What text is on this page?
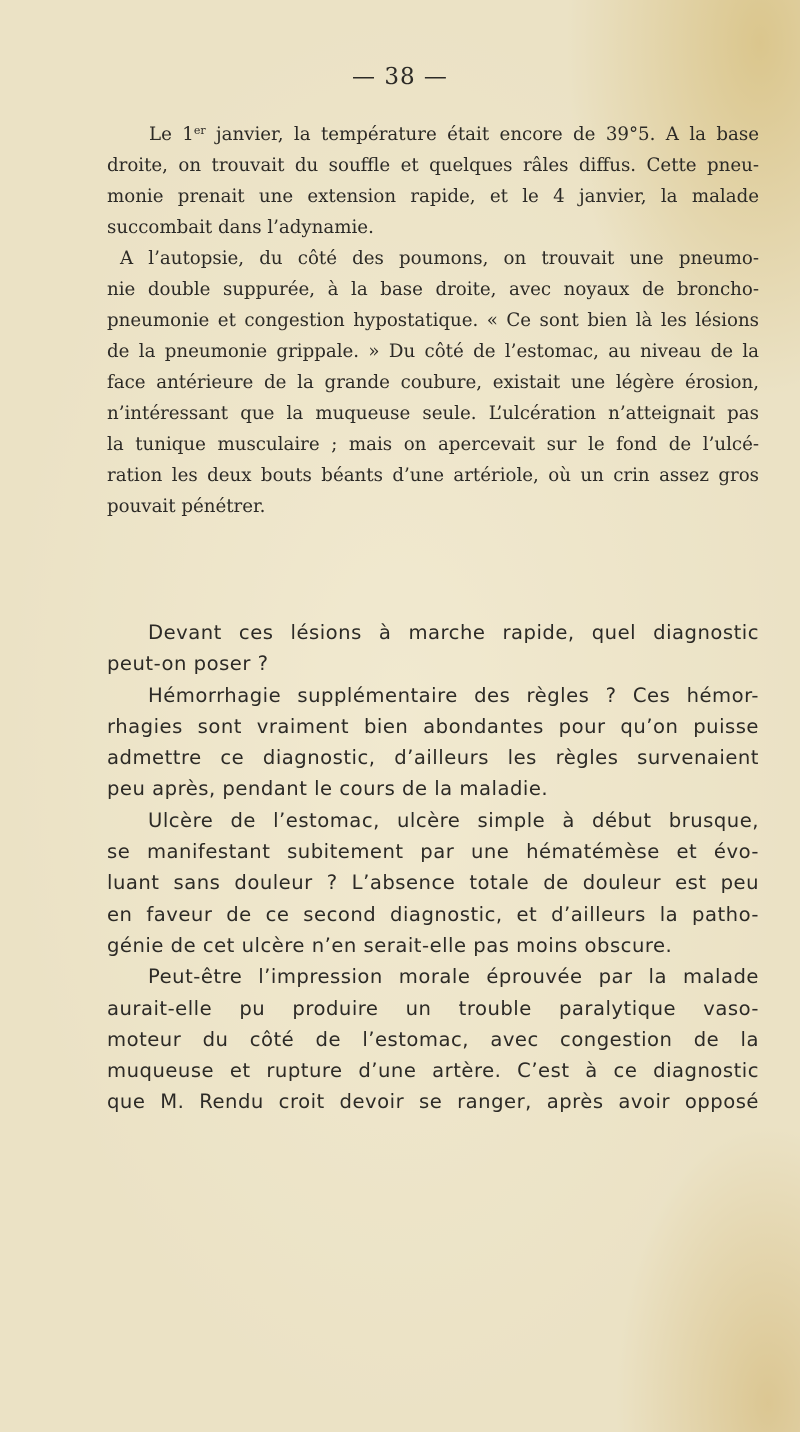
— 38 —
Le 1er janvier, la température était encore de 39°5. A la base
droite, on trouvait du souffle et quelques râles diffus. Cette pneu-
monie prenait une extension rapide, et le 4 janvier, la malade
succombait dans l’adynamie.
A l’autopsie, du côté des poumons, on trouvait une pneumo-
nie double suppurée, à la base droite, avec noyaux de broncho-
pneumonie et congestion hypostatique. « Ce sont bien là les lésions
de la pneumonie grippale. » Du côté de l’estomac, au niveau de la
face antérieure de la grande coubure, existait une légère érosion,
n’intéressant que la muqueuse seule. L’ulcération n’atteignait pas
la tunique musculaire ; mais on apercevait sur le fond de l’ulcé-
ration les deux bouts béants d’une artériole, où un crin assez gros
pouvait pénétrer.
Devant ces lésions à marche rapide, quel diagnostic
peut-on poser ?
Hémorrhagie supplémentaire des règles ? Ces hémor-
rhagies sont vraiment bien abondantes pour qu’on puisse
admettre ce diagnostic, d’ailleurs les règles survenaient
peu après, pendant le cours de la maladie.
Ulcère de l’estomac, ulcère simple à début brusque,
se manifestant subitement par une hématémèse et évo-
luant sans douleur ? L’absence totale de douleur est peu
en faveur de ce second diagnostic, et d’ailleurs la patho-
génie de cet ulcère n’en serait-elle pas moins obscure.
Peut-être l’impression morale éprouvée par la malade
aurait-elle pu produire un trouble paralytique vaso-
moteur du côté de l’estomac, avec congestion de la
muqueuse et rupture d’une artère. C’est à ce diagnostic
que M. Rendu croit devoir se ranger, après avoir opposé
